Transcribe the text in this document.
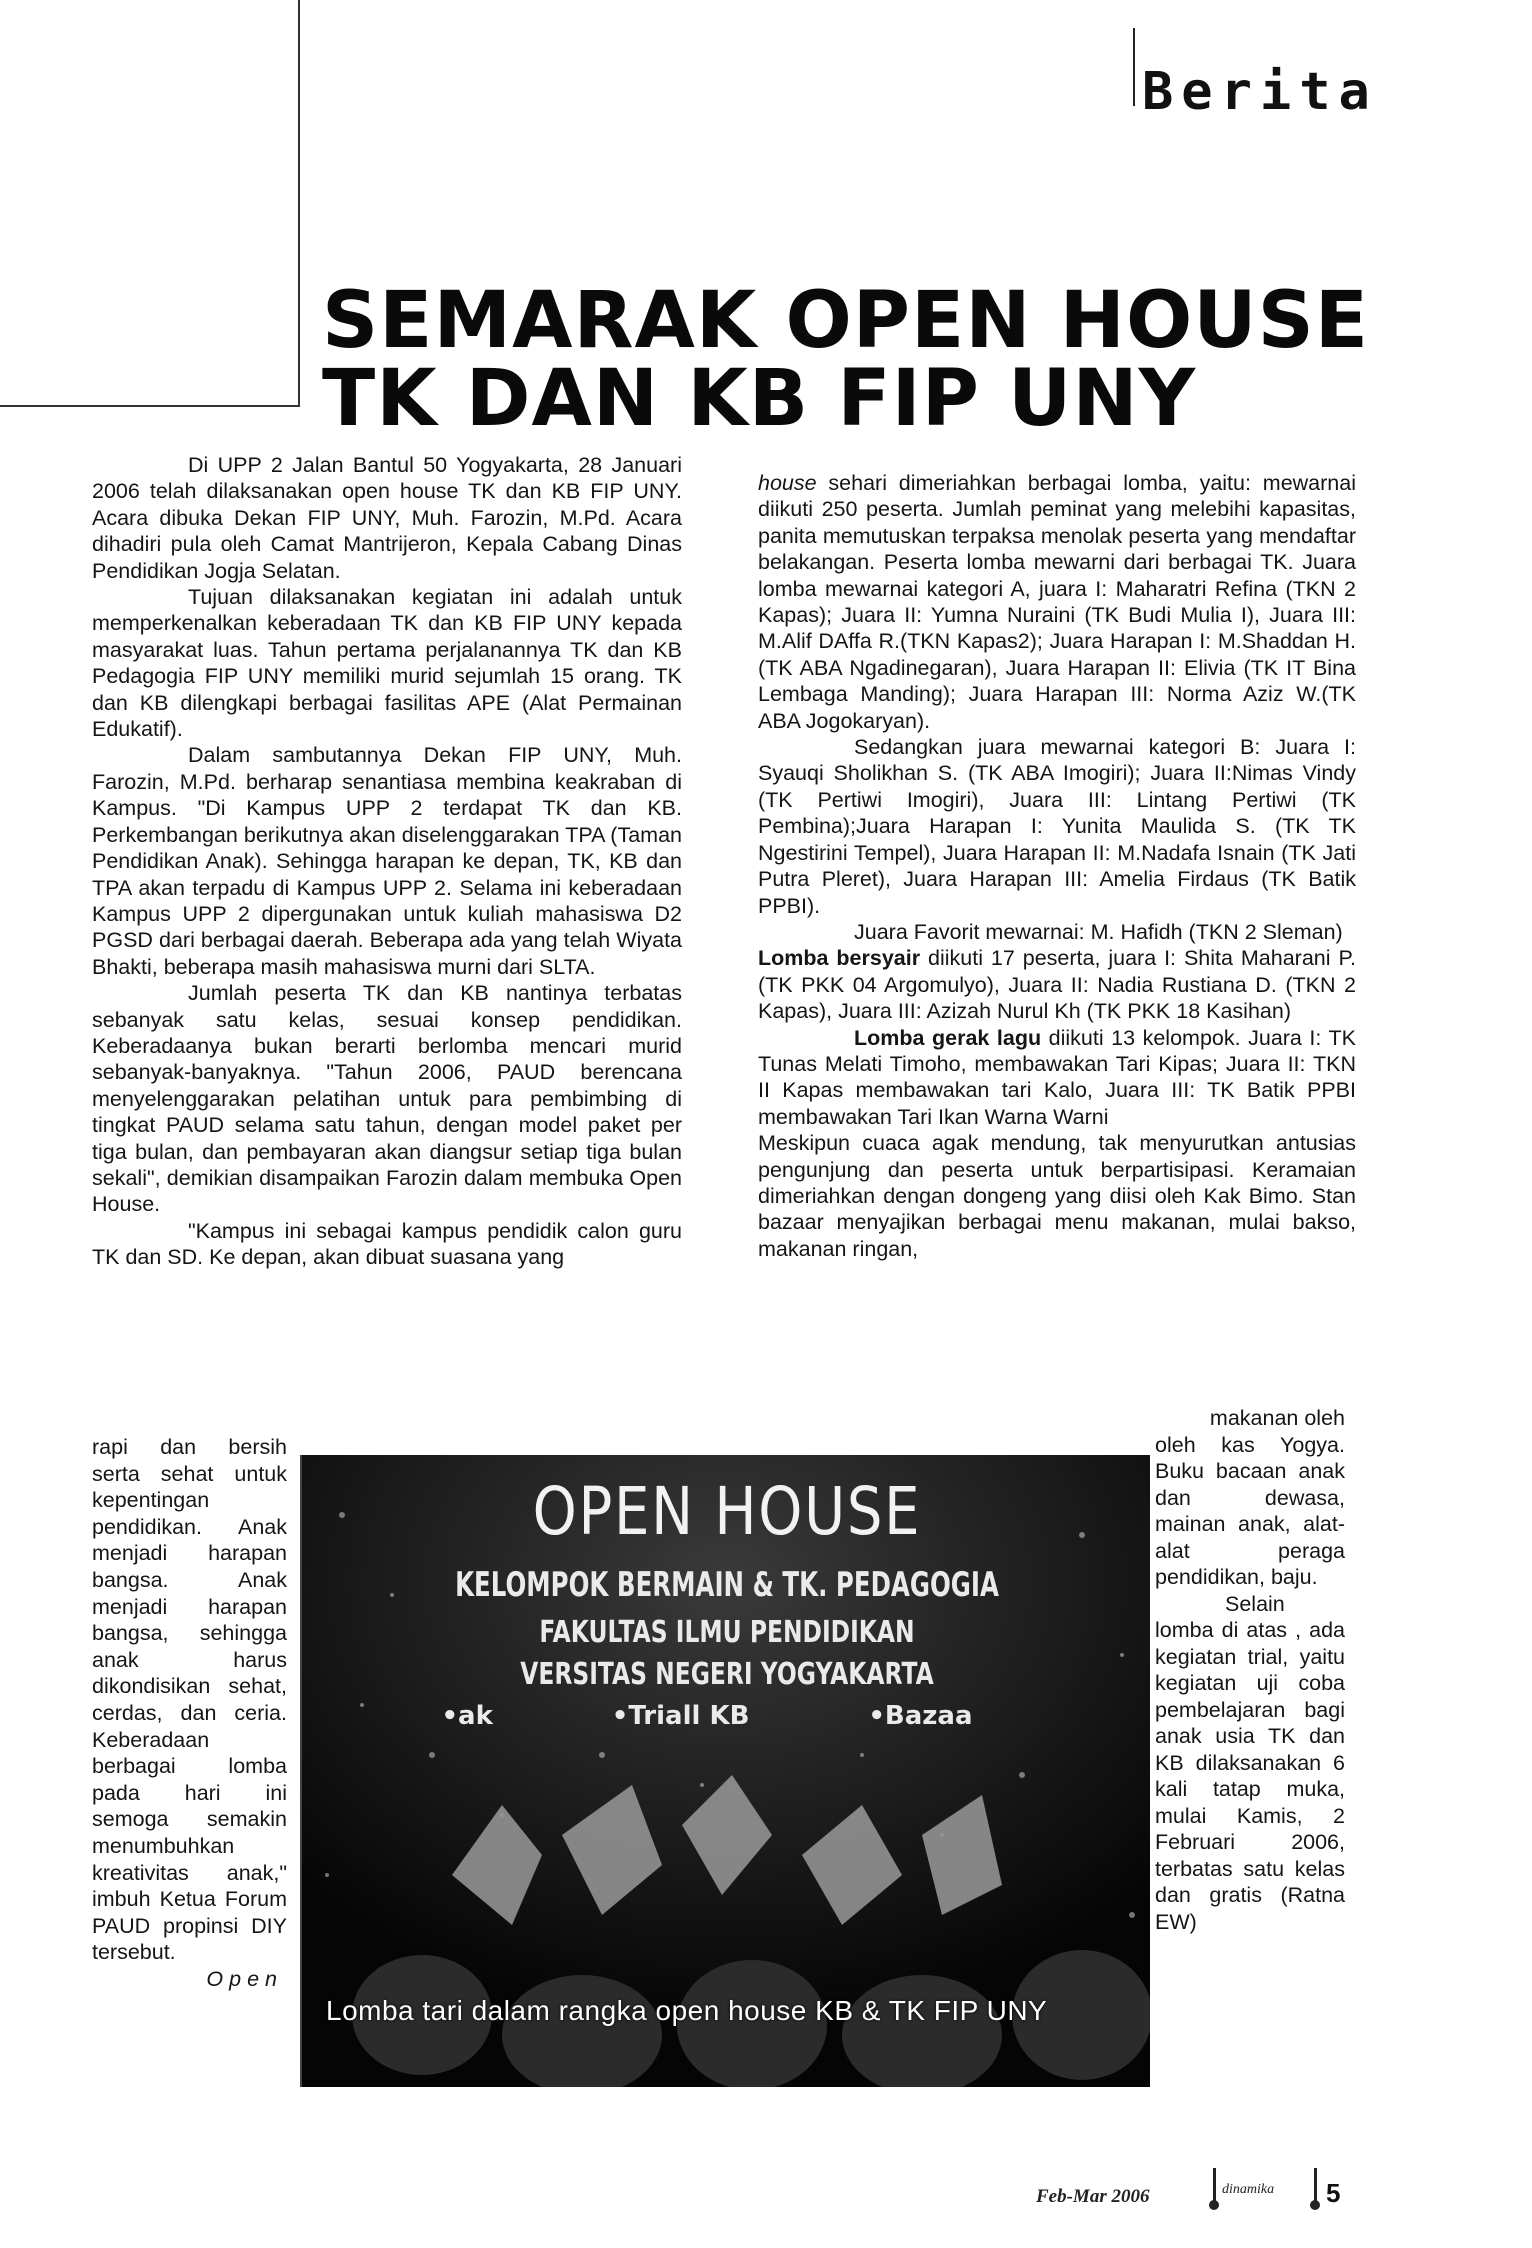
Berita
SEMARAK OPEN HOUSE
TK DAN KB FIP UNY

Di UPP 2 Jalan Bantul 50 Yogyakarta, 28 Januari 2006 telah dilaksanakan open house TK dan KB FIP UNY. Acara dibuka Dekan FIP UNY, Muh. Farozin, M.Pd. Acara dihadiri pula oleh Camat Mantrijeron, Kepala Cabang Dinas Pendidikan Jogja Selatan.

Tujuan dilaksanakan kegiatan ini adalah untuk memperkenalkan keberadaan TK dan KB FIP UNY kepada masyarakat luas. Tahun pertama perjalanannya TK dan KB Pedagogia FIP UNY memiliki murid sejumlah 15 orang. TK dan KB dilengkapi berbagai fasilitas APE (Alat Permainan Edukatif).

Dalam sambutannya Dekan FIP UNY, Muh. Farozin, M.Pd. berharap senantiasa membina keakraban di Kampus. "Di Kampus UPP 2 terdapat TK dan KB. Perkembangan berikutnya akan diselenggarakan TPA (Taman Pendidikan Anak). Sehingga harapan ke depan, TK, KB dan TPA akan terpadu di Kampus UPP 2. Selama ini keberadaan Kampus UPP 2 dipergunakan untuk kuliah mahasiswa D2 PGSD dari berbagai daerah. Beberapa ada yang telah Wiyata Bhakti, beberapa masih mahasiswa murni dari SLTA.

Jumlah peserta TK dan KB nantinya terbatas sebanyak satu kelas, sesuai konsep pendidikan. Keberadaanya bukan berarti berlomba mencari murid sebanyak-banyaknya. "Tahun 2006, PAUD berencana menyelenggarakan pelatihan untuk para pembimbing di tingkat PAUD selama satu tahun, dengan model paket per tiga bulan, dan pembayaran akan diangsur setiap tiga bulan sekali", demikian disampaikan Farozin dalam membuka Open House.

"Kampus ini sebagai kampus pendidik calon guru TK dan SD. Ke depan, akan dibuat suasana yang

rapi dan bersih serta sehat untuk kepentingan pendidikan. Anak menjadi harapan bangsa. Anak menjadi harapan bangsa, sehingga anak harus dikondisikan sehat, cerdas, dan ceria. Keberadaan berbagai lomba pada hari ini semoga semakin menumbuhkan kreativitas anak," imbuh Ketua Forum PAUD propinsi DIY tersebut.
Open

house sehari dimeriahkan berbagai lomba, yaitu: mewarnai diikuti 250 peserta. Jumlah peminat yang melebihi kapasitas, panita memutuskan terpaksa menolak peserta yang mendaftar belakangan. Peserta lomba mewarni dari berbagai TK. Juara lomba mewarnai kategori A, juara I: Maharatri Refina (TKN 2 Kapas); Juara II: Yumna Nuraini (TK Budi Mulia I), Juara III: M.Alif DAffa R.(TKN Kapas2); Juara Harapan I: M.Shaddan H. (TK ABA Ngadinegaran), Juara Harapan II: Elivia (TK IT Bina Lembaga Manding); Juara Harapan III: Norma Aziz W.(TK ABA Jogokaryan).

Sedangkan juara mewarnai kategori B: Juara I: Syauqi Sholikhan S. (TK ABA Imogiri); Juara II:Nimas Vindy (TK Pertiwi Imogiri), Juara III: Lintang Pertiwi (TK Pembina);Juara Harapan I: Yunita Maulida S. (TK TK Ngestirini Tempel), Juara Harapan II: M.Nadafa Isnain (TK Jati Putra Pleret), Juara Harapan III: Amelia Firdaus (TK Batik PPBI).

Juara Favorit mewarnai: M. Hafidh (TKN 2 Sleman)

Lomba bersyair diikuti 17 peserta, juara I: Shita Maharani P. (TK PKK 04 Argomulyo), Juara II: Nadia Rustiana D. (TKN 2 Kapas), Juara III: Azizah Nurul Kh (TK PKK 18 Kasihan)

Lomba gerak lagu diikuti 13 kelompok. Juara I: TK Tunas Melati Timoho, membawakan Tari Kipas; Juara II: TKN II Kapas membawakan tari Kalo, Juara III: TK Batik PPBI membawakan Tari Ikan Warna Warni

Meskipun cuaca agak mendung, tak menyurutkan antusias pengunjung dan peserta untuk berpartisipasi. Keramaian dimeriahkan dengan dongeng yang diisi oleh Kak Bimo. Stan bazaar menyajikan berbagai menu makanan, mulai bakso, makanan ringan,

makanan oleh
oleh kas Yogya. Buku bacaan anak dan dewasa, mainan anak, alat-alat peraga pendidikan, baju.
Selain lomba di atas , ada kegiatan trial, yaitu kegiatan uji coba pembelajaran bagi anak usia TK dan KB dilaksanakan 6 kali tatap muka, mulai Kamis, 2 Februari 2006, terbatas satu kelas dan gratis (Ratna EW)
OPEN HOUSE
KELOMPOK BERMAIN & TK. PEDAGOGIA
FAKULTAS ILMU PENDIDIKAN
VERSITAS NEGERI YOGYAKARTA
•ak	•Triall KB	•Bazaa
Lomba tari dalam rangka open house KB & TK FIP UNY
Feb-Mar 2006	dinamika 5
